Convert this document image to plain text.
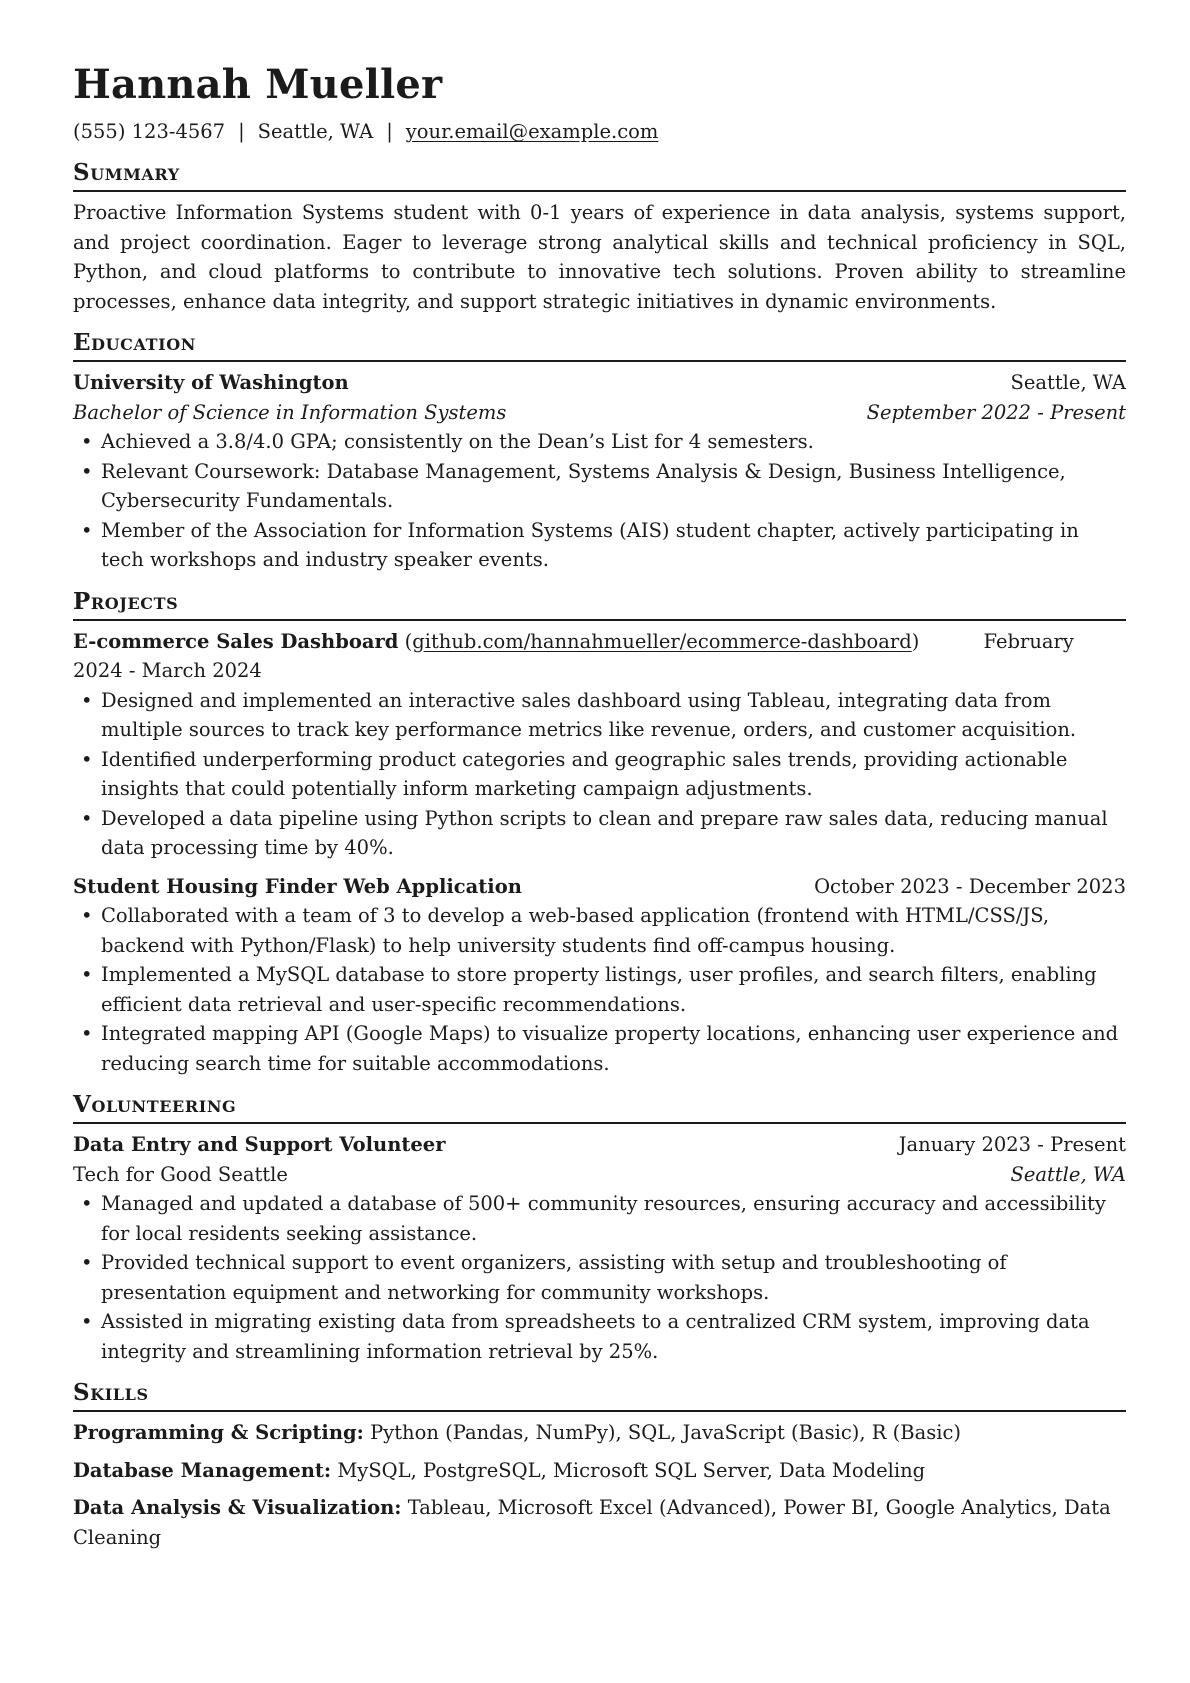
Hannah Mueller
(555) 123-4567 | Seattle, WA | your.email@example.com
Summary
Proactive Information Systems student with 0-1 years of experience in data analysis, systems support, and project coordination. Eager to leverage strong analytical skills and technical proficiency in SQL, Python, and cloud platforms to contribute to innovative tech solutions. Proven ability to streamline processes, enhance data integrity, and support strategic initiatives in dynamic environments.
Education
University of Washington	Seattle, WA
Bachelor of Science in Information Systems	September 2022 - Present
• Achieved a 3.8/4.0 GPA; consistently on the Dean’s List for 4 semesters.
• Relevant Coursework: Database Management, Systems Analysis & Design, Business Intelligence, Cybersecurity Fundamentals.
• Member of the Association for Information Systems (AIS) student chapter, actively participating in tech workshops and industry speaker events.
Projects
E-commerce Sales Dashboard (github.com/hannahmueller/ecommerce-dashboard)	February 2024 - March 2024
• Designed and implemented an interactive sales dashboard using Tableau, integrating data from multiple sources to track key performance metrics like revenue, orders, and customer acquisition.
• Identified underperforming product categories and geographic sales trends, providing actionable insights that could potentially inform marketing campaign adjustments.
• Developed a data pipeline using Python scripts to clean and prepare raw sales data, reducing manual data processing time by 40%.
Student Housing Finder Web Application	October 2023 - December 2023
• Collaborated with a team of 3 to develop a web-based application (frontend with HTML/CSS/JS, backend with Python/Flask) to help university students find off-campus housing.
• Implemented a MySQL database to store property listings, user profiles, and search filters, enabling efficient data retrieval and user-specific recommendations.
• Integrated mapping API (Google Maps) to visualize property locations, enhancing user experience and reducing search time for suitable accommodations.
Volunteering
Data Entry and Support Volunteer	January 2023 - Present
Tech for Good Seattle	Seattle, WA
• Managed and updated a database of 500+ community resources, ensuring accuracy and accessibility for local residents seeking assistance.
• Provided technical support to event organizers, assisting with setup and troubleshooting of presentation equipment and networking for community workshops.
• Assisted in migrating existing data from spreadsheets to a centralized CRM system, improving data integrity and streamlining information retrieval by 25%.
Skills
Programming & Scripting: Python (Pandas, NumPy), SQL, JavaScript (Basic), R (Basic)
Database Management: MySQL, PostgreSQL, Microsoft SQL Server, Data Modeling
Data Analysis & Visualization: Tableau, Microsoft Excel (Advanced), Power BI, Google Analytics, Data Cleaning
